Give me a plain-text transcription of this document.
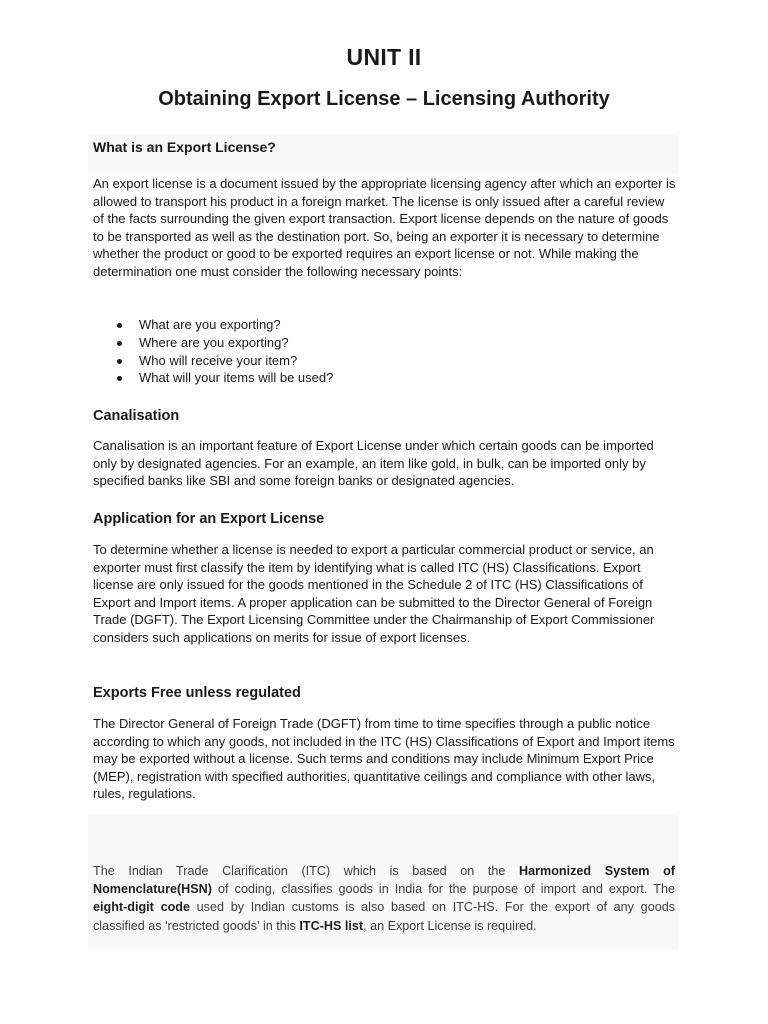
UNIT II
Obtaining Export License – Licensing Authority
What is an Export License?
An export license is a document issued by the appropriate licensing agency after which an exporter is allowed to transport his product in a foreign market. The license is only issued after a careful review of the facts surrounding the given export transaction. Export license depends on the nature of goods to be transported as well as the destination port. So, being an exporter it is necessary to determine whether the product or good to be exported requires an export license or not. While making the determination one must consider the following necessary points:
What are you exporting?
Where are you exporting?
Who will receive your item?
What will your items will be used?
Canalisation
Canalisation is an important feature of Export License under which certain goods can be imported only by designated agencies. For an example, an item like gold, in bulk, can be imported only by specified banks like SBI and some foreign banks or designated agencies.
Application for an Export License
To determine whether a license is needed to export a particular commercial product or service, an exporter must first classify the item by identifying what is called ITC (HS) Classifications. Export license are only issued for the goods mentioned in the Schedule 2 of ITC (HS) Classifications of Export and Import items. A proper application can be submitted to the Director General of Foreign Trade (DGFT). The Export Licensing Committee under the Chairmanship of Export Commissioner considers such applications on merits for issue of export licenses.
Exports Free unless regulated
The Director General of Foreign Trade (DGFT) from time to time specifies through a public notice according to which any goods, not included in the ITC (HS) Classifications of Export and Import items may be exported without a license. Such terms and conditions may include Minimum Export Price (MEP), registration with specified authorities, quantitative ceilings and compliance with other laws, rules, regulations.
The Indian Trade Clarification (ITC) which is based on the Harmonized System of Nomenclature(HSN) of coding, classifies goods in India for the purpose of import and export. The eight-digit code used by Indian customs is also based on ITC-HS. For the export of any goods classified as 'restricted goods' in this ITC-HS list, an Export License is required.
